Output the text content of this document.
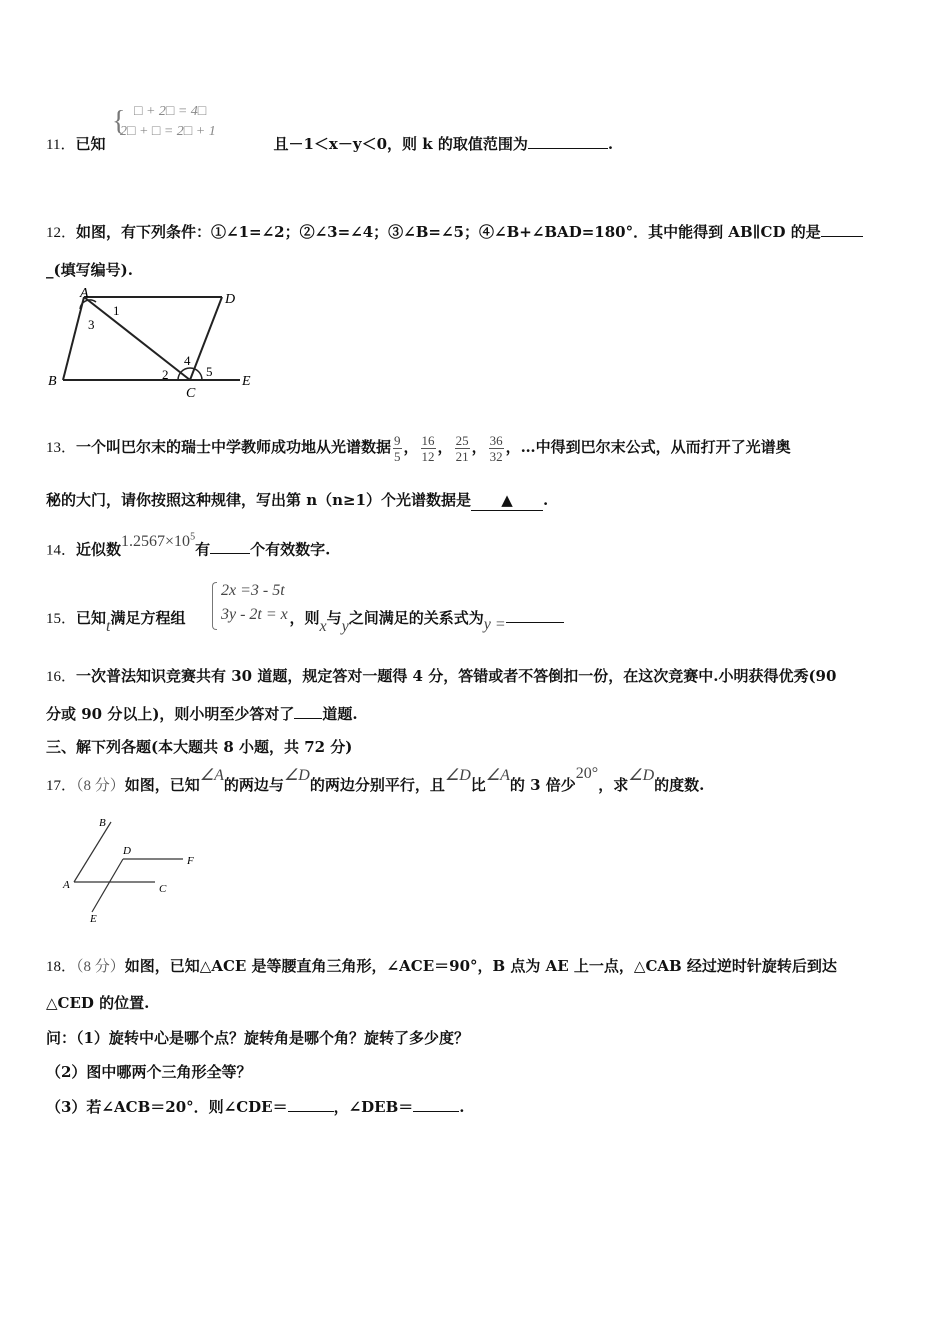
{ □ + 2□ = 4□
2□ + □ = 2□ + 1
11．已知	且－1＜x－y＜0，则 k 的取值范围为	.
12．如图，有下列条件：①∠1=∠2；②∠3=∠4；③∠B=∠5；④∠B+∠BAD=180°．其中能得到 AB∥CD 的是
_(填写编号).
A	D
B
C
E
1
2
3
4
5
13．一个叫巴尔末的瑞士中学教师成功地从光谱数据 $\frac{9}{5}$ ， $\frac{16}{12}$ ， $\frac{25}{21}$ ， $\frac{36}{32}$ ，…中得到巴尔末公式，从而打开了光谱奥
秘的大门，请你按照这种规律，写出第 n（n≥1）个光谱数据是 ▲ .
14．近似数$1.2567\times 10^5$有	个有效数字.
2x =3 - 5t
3y - 2t = x
15．已知t满足方程组	，则x与y之间满足的关系式为y =
16．一次普法知识竞赛共有 30 道题，规定答对一题得 4 分，答错或者不答倒扣一份，在这次竞赛中.小明获得优秀(90
分或 90 分以上)，则小明至少答对了 道题.
三、解下列各题(本大题共 8 小题，共 72 分)
17．（8 分）如图，已知∠A的两边与∠D的两边分别平行，且∠D比∠A的 3 倍少20°，求∠D的度数.
B
D
F
A	C
E
18．（8 分）如图，已知△ACE 是等腰直角三角形，∠ACE＝90°，B 点为 AE 上一点，△CAB 经过逆时针旋转后到达
△CED 的位置.
问：（1）旋转中心是哪个点？旋转角是哪个角？旋转了多少度？
（2）图中哪两个三角形全等？
（3）若∠ACB＝20°．则∠CDE＝	，∠DEB＝	.
